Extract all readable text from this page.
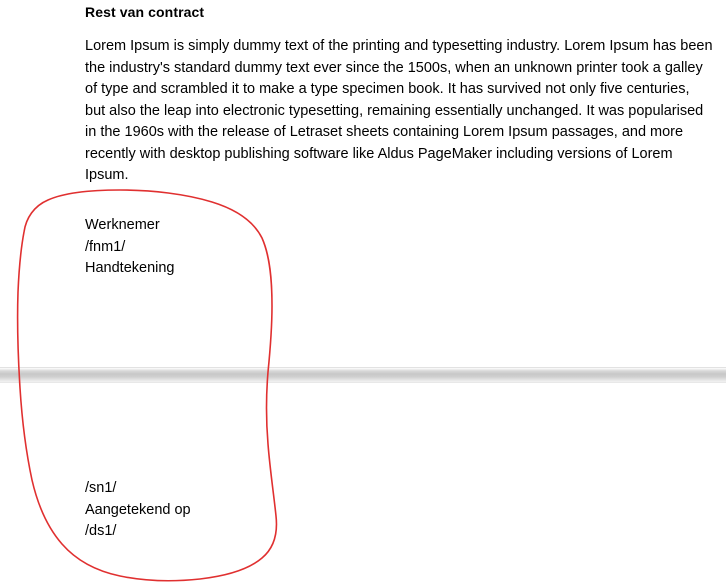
Rest van contract
Lorem Ipsum is simply dummy text of the printing and typesetting industry. Lorem Ipsum has been the industry's standard dummy text ever since the 1500s, when an unknown printer took a galley of type and scrambled it to make a type specimen book. It has survived not only five centuries, but also the leap into electronic typesetting, remaining essentially unchanged. It was popularised in the 1960s with the release of Letraset sheets containing Lorem Ipsum passages, and more recently with desktop publishing software like Aldus PageMaker including versions of Lorem Ipsum.
Werknemer
/fnm1/
Handtekening
/sn1/
Aangetekend op
/ds1/
